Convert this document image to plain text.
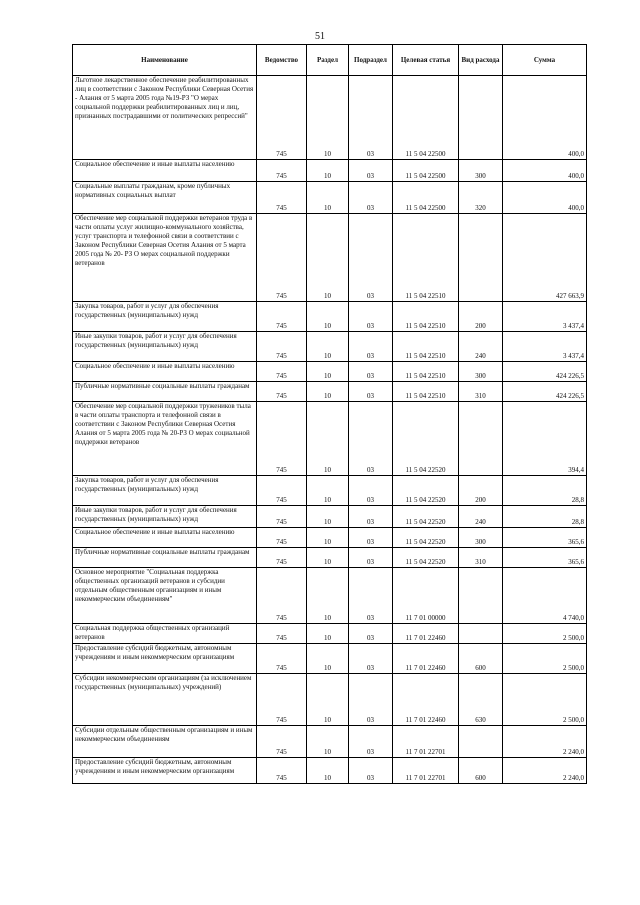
51
Наименование	Ведомство	Раздел	Подраздел	Целевая статья	Вид расхода	Сумма
Льготное лекарственное обеспечение реабилитированных лиц в соответствии с Законом Республики Северная Осетия - Алания от 5 марта 2005 года №19-РЗ "О мерах социальной поддержки реабилитированных лиц и лиц, признанных пострадавшими от политических репрессий"	745	10	03	11 5 04 22500		400,0
Социальное обеспечение и иные выплаты населению	745	10	03	11 5 04 22500	300	400,0
Социальные выплаты гражданам, кроме публичных нормативных социальных выплат	745	10	03	11 5 04 22500	320	400,0
Обеспечение мер социальной поддержки ветеранов труда в части оплаты услуг жилищно-коммунального хозяйства, услуг транспорта и телефонной связи в соответствии с Законом Республики Северная Осетия Алания от 5 марта 2005 года № 20- РЗ О мерах социальной поддержки ветеранов	745	10	03	11 5 04 22510		427 663,9
Закупка товаров, работ и услуг для обеспечения государственных (муниципальных) нужд	745	10	03	11 5 04 22510	200	3 437,4
Иные закупки товаров, работ и услуг для обеспечения государственных (муниципальных) нужд	745	10	03	11 5 04 22510	240	3 437,4
Социальное обеспечение и иные выплаты населению	745	10	03	11 5 04 22510	300	424 226,5
Публичные нормативные социальные выплаты гражданам	745	10	03	11 5 04 22510	310	424 226,5
Обеспечение мер социальной поддержки тружеников тыла в части оплаты транспорта и телефонной связи в соответствии с Законом Республики Северная Осетия Алания от 5 марта 2005 года № 20-РЗ О мерах социальной поддержки ветеранов	745	10	03	11 5 04 22520		394,4
Закупка товаров, работ и услуг для обеспечения государственных (муниципальных) нужд	745	10	03	11 5 04 22520	200	28,8
Иные закупки товаров, работ и услуг для обеспечения государственных (муниципальных) нужд	745	10	03	11 5 04 22520	240	28,8
Социальное обеспечение и иные выплаты населению	745	10	03	11 5 04 22520	300	365,6
Публичные нормативные социальные выплаты гражданам	745	10	03	11 5 04 22520	310	365,6
Основное мероприятие "Социальная поддержка общественных организаций ветеранов и субсидии отдельным общественным организациям и иным некоммерческим объединениям"	745	10	03	11 7 01 00000		4 740,0
Социальная поддержка общественных организаций ветеранов	745	10	03	11 7 01 22460		2 500,0
Предоставление субсидий бюджетным, автономным учреждениям и иным некоммерческим организациям	745	10	03	11 7 01 22460	600	2 500,0
Субсидии некоммерческим организациям (за исключением государственных (муниципальных) учреждений)	745	10	03	11 7 01 22460	630	2 500,0
Субсидии отдельным общественным организациям и иным некоммерческим объединениям	745	10	03	11 7 01 22701		2 240,0
Предоставление субсидий бюджетным, автономным учреждениям и иным некоммерческим организациям	745	10	03	11 7 01 22701	600	2 240,0
